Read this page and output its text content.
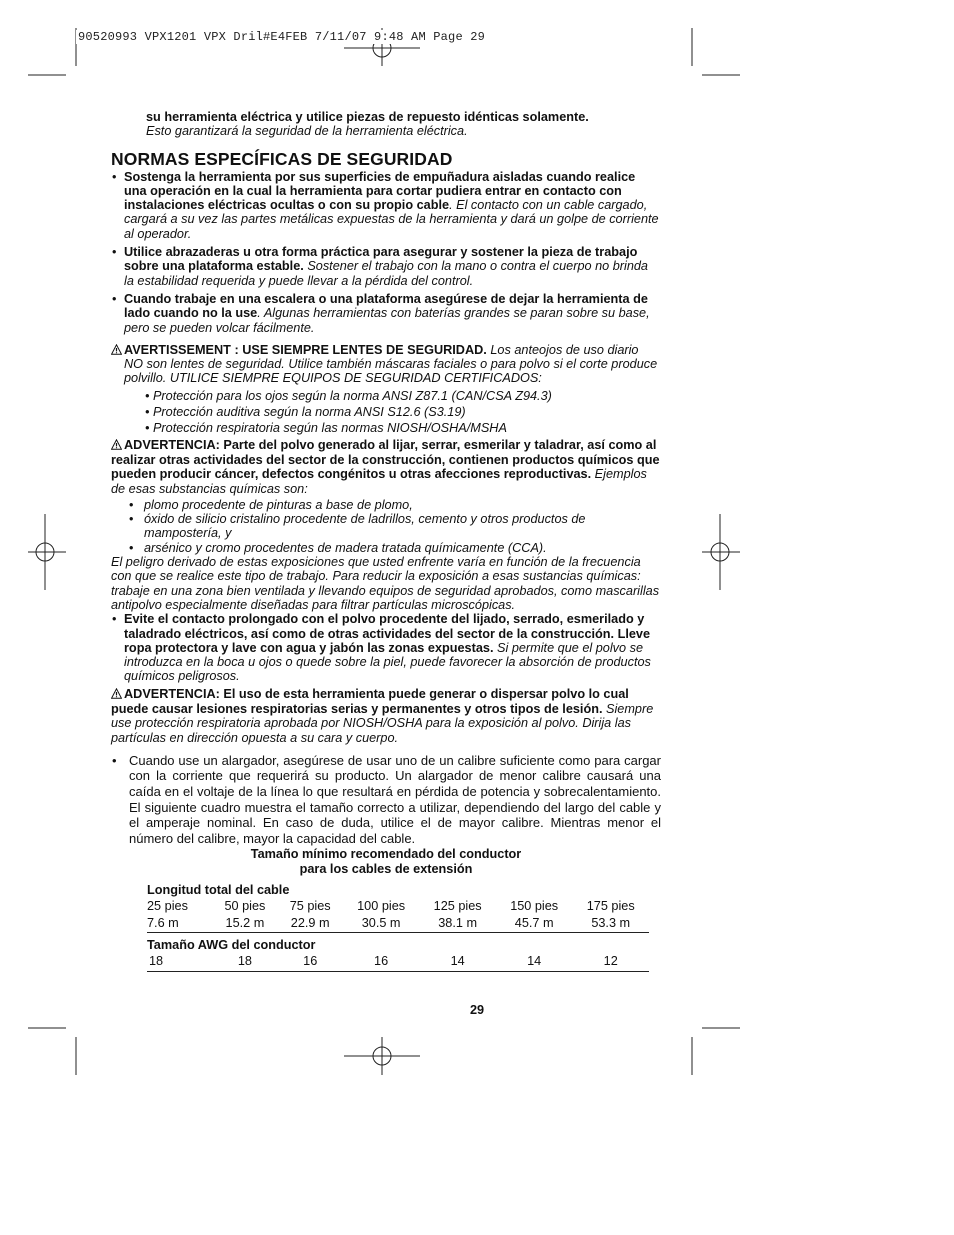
90520993 VPX1201 VPX Dril#E4FEB 7/11/07 9:48 AM Page 29

su herramienta eléctrica y utilice piezas de repuesto idénticas solamente.
Esto garantizará la seguridad de la herramienta eléctrica.

NORMAS ESPECÍFICAS DE SEGURIDAD

• Sostenga la herramienta por sus superficies de empuñadura aisladas cuando realice una operación en la cual la herramienta para cortar pudiera entrar en contacto con instalaciones eléctricas ocultas o con su propio cable. El contacto con un cable cargado, cargará a su vez las partes metálicas expuestas de la herramienta y dará un golpe de corriente al operador.

• Utilice abrazaderas u otra forma práctica para asegurar y sostener la pieza de trabajo sobre una plataforma estable. Sostener el trabajo con la mano o contra el cuerpo no brinda la estabilidad requerida y puede llevar a la pérdida del control.

• Cuando trabaje en una escalera o una plataforma asegúrese de dejar la herramienta de lado cuando no la use. Algunas herramientas con baterías grandes se paran sobre su base, pero se pueden volcar fácilmente.

AVERTISSEMENT : USE SIEMPRE LENTES DE SEGURIDAD. Los anteojos de uso diario NO son lentes de seguridad. Utilice también máscaras faciales o para polvo si el corte produce polvillo. UTILICE SIEMPRE EQUIPOS DE SEGURIDAD CERTIFICADOS:

• Protección para los ojos según la norma ANSI Z87.1 (CAN/CSA Z94.3)

• Protección auditiva según la norma ANSI S12.6 (S3.19)

• Protección respiratoria según las normas NIOSH/OSHA/MSHA

ADVERTENCIA: Parte del polvo generado al lijar, serrar, esmerilar y taladrar, así como al realizar otras actividades del sector de la construcción, contienen productos químicos que pueden producir cáncer, defectos congénitos u otras afecciones reproductivas. Ejemplos de esas substancias químicas son:

• plomo procedente de pinturas a base de plomo,

• óxido de silicio cristalino procedente de ladrillos, cemento y otros productos de mampostería, y

• arsénico y cromo procedentes de madera tratada químicamente (CCA).

El peligro derivado de estas exposiciones que usted enfrente varía en función de la frecuencia con que se realice este tipo de trabajo. Para reducir la exposición a esas sustancias químicas: trabaje en una zona bien ventilada y llevando equipos de seguridad aprobados, como mascarillas antipolvo especialmente diseñadas para filtrar partículas microscópicas.

• Evite el contacto prolongado con el polvo procedente del lijado, serrado, esmerilado y taladrado eléctricos, así como de otras actividades del sector de la construcción. Lleve ropa protectora y lave con agua y jabón las zonas expuestas. Si permite que el polvo se introduzca en la boca u ojos o quede sobre la piel, puede favorecer la absorción de productos químicos peligrosos.

ADVERTENCIA: El uso de esta herramienta puede generar o dispersar polvo lo cual puede causar lesiones respiratorias serias y permanentes y otros tipos de lesión. Siempre use protección respiratoria aprobada por NIOSH/OSHA para la exposición al polvo. Dirija las partículas en dirección opuesta a su cara y cuerpo.

• Cuando use un alargador, asegúrese de usar uno de un calibre suficiente como para cargar con la corriente que requerirá su producto. Un alargador de menor calibre causará una caída en el voltaje de la línea lo que resultará en pérdida de potencia y sobrecalentamiento. El siguiente cuadro muestra el tamaño correcto a utilizar, dependiendo del largo del cable y el amperaje nominal. En caso de duda, utilice el de mayor calibre. Mientras menor el número del calibre, mayor la capacidad del cable.

Tamaño mínimo recomendado del conductor
para los cables de extensión
Longitud total del cable						
25 pies	50 pies	75 pies	100 pies	125 pies	150 pies	175 pies
7.6 m	15.2 m	22.9 m	30.5 m	38.1 m	45.7 m	53.3 m
Tamaño AWG del conductor						
18	18	16	16	14	14	12
29
